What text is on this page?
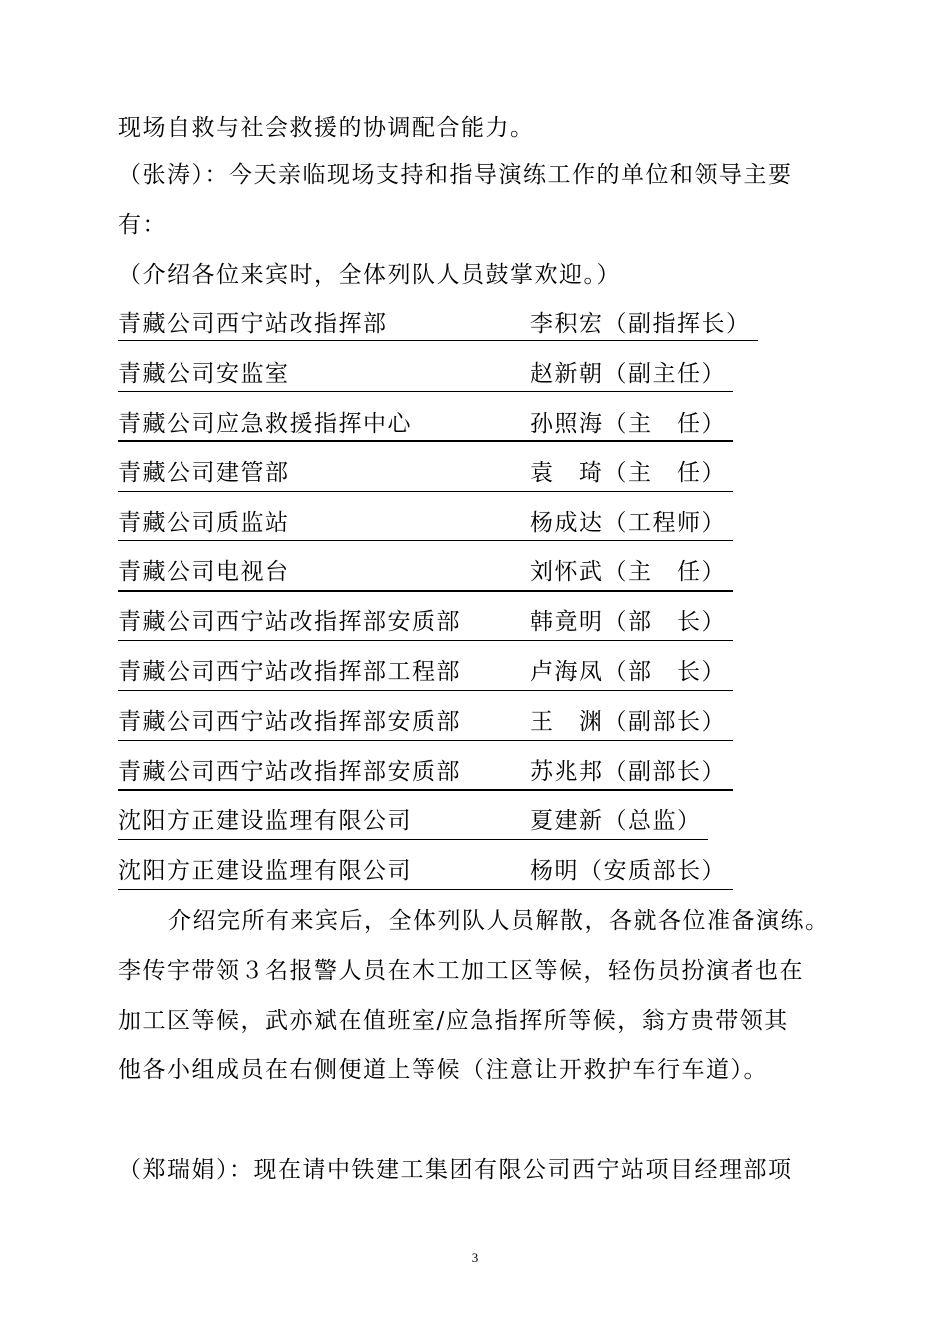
现场自救与社会救援的协调配合能力。
（张涛）：今天亲临现场支持和指导演练工作的单位和领导主要
有：
（介绍各位来宾时，全体列队人员鼓掌欢迎。）
青藏公司西宁站改指挥部	李积宏（副指挥长）
青藏公司安监室	赵新朝（副主任）
青藏公司应急救援指挥中心	孙照海（主　任）
青藏公司建管部	袁　琦（主　任）
青藏公司质监站	杨成达（工程师）
青藏公司电视台	刘怀武（主　任）
青藏公司西宁站改指挥部安质部	韩竟明（部　长）
青藏公司西宁站改指挥部工程部	卢海凤（部　长）
青藏公司西宁站改指挥部安质部	王　渊（副部长）
青藏公司西宁站改指挥部安质部	苏兆邦（副部长）
沈阳方正建设监理有限公司	夏建新（总监）
沈阳方正建设监理有限公司	杨明（安质部长）
介绍完所有来宾后，全体列队人员解散，各就各位准备演练。
李传宇带领３名报警人员在木工加工区等候，轻伤员扮演者也在
加工区等候，武亦斌在值班室/应急指挥所等候，翁方贵带领其
他各小组成员在右侧便道上等候（注意让开救护车行车道）。
（郑瑞娟）：现在请中铁建工集团有限公司西宁站项目经理部项
3
